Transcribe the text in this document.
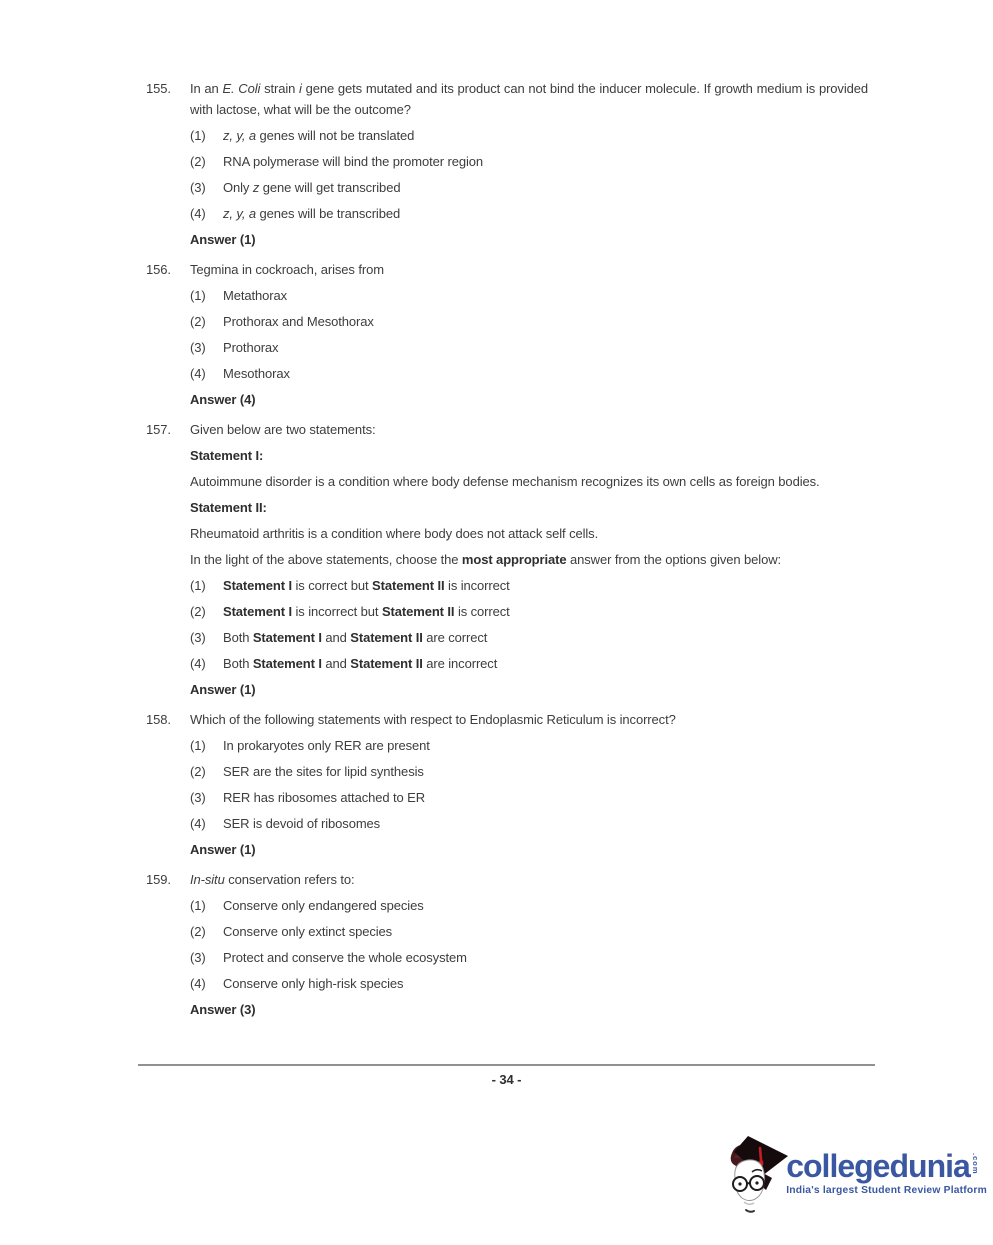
155.	In an E. Coli strain i gene gets mutated and its product can not bind the inducer molecule. If growth medium is provided with lactose, what will be the outcome?
(1)	z, y, a genes will not be translated
(2)	RNA polymerase will bind the promoter region
(3)	Only z gene will get transcribed
(4)	z, y, a genes will be transcribed
Answer (1)
156.	Tegmina in cockroach, arises from
(1)	Metathorax
(2)	Prothorax and Mesothorax
(3)	Prothorax
(4)	Mesothorax
Answer (4)
157.	Given below are two statements:
Statement I:
Autoimmune disorder is a condition where body defense mechanism recognizes its own cells as foreign bodies.
Statement II:
Rheumatoid arthritis is a condition where body does not attack self cells.
In the light of the above statements, choose the most appropriate answer from the options given below:
(1)	Statement I is correct but Statement II is incorrect
(2)	Statement I is incorrect but Statement II is correct
(3)	Both Statement I and Statement II are correct
(4)	Both Statement I and Statement II are incorrect
Answer (1)
158.	Which of the following statements with respect to Endoplasmic Reticulum is incorrect?
(1)	In prokaryotes only RER are present
(2)	SER are the sites for lipid synthesis
(3)	RER has ribosomes attached to ER
(4)	SER is devoid of ribosomes
Answer (1)
159.	In-situ conservation refers to:
(1)	Conserve only endangered species
(2)	Conserve only extinct species
(3)	Protect and conserve the whole ecosystem
(4)	Conserve only high-risk species
Answer (3)
- 34 -
collegedunia .com
India's largest Student Review Platform
